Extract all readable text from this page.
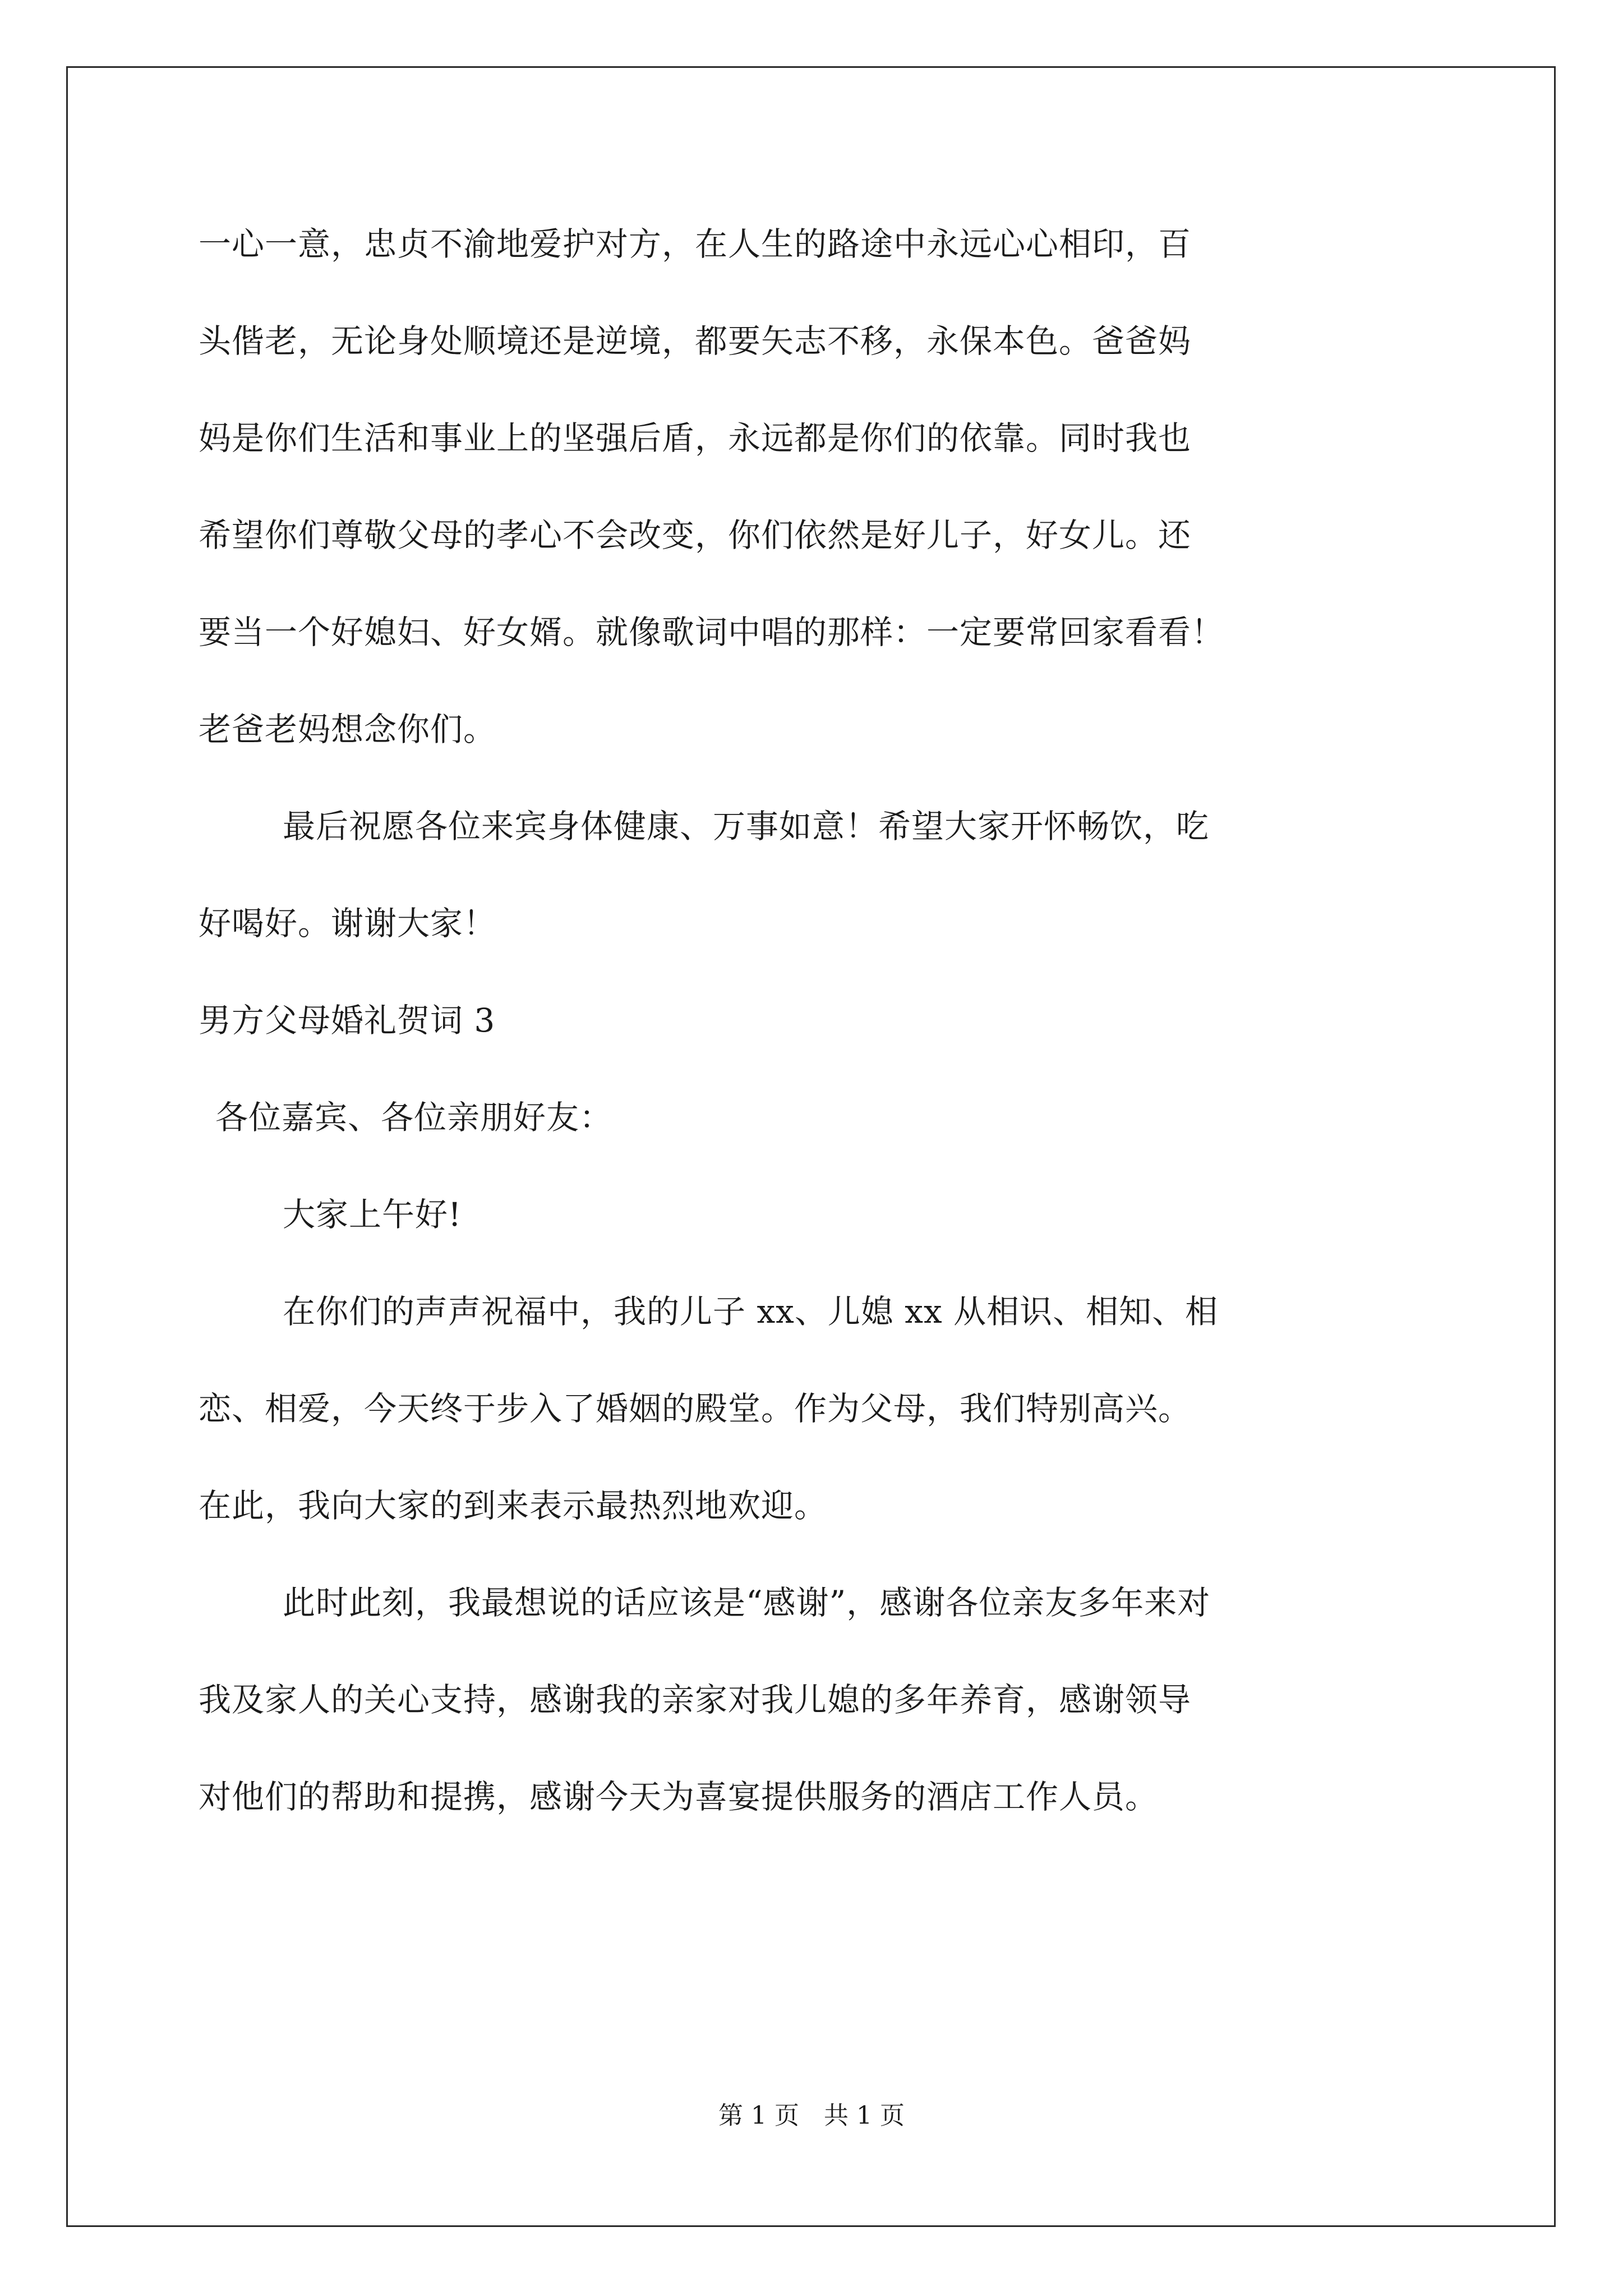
一心一意，忠贞不渝地爱护对方，在人生的路途中永远心心相印，百
头偕老，无论身处顺境还是逆境，都要矢志不移，永保本色。爸爸妈
妈是你们生活和事业上的坚强后盾，永远都是你们的依靠。同时我也
希望你们尊敬父母的孝心不会改变，你们依然是好儿子，好女儿。还
要当一个好媳妇、好女婿。就像歌词中唱的那样：一定要常回家看看！
老爸老妈想念你们。
最后祝愿各位来宾身体健康、万事如意！希望大家开怀畅饮，吃
好喝好。谢谢大家！
男方父母婚礼贺词 3
各位嘉宾、各位亲朋好友：
大家上午好!
在你们的声声祝福中，我的儿子 xx、儿媳 xx 从相识、相知、相
恋、相爱，今天终于步入了婚姻的殿堂。作为父母，我们特别高兴。
在此，我向大家的到来表示最热烈地欢迎。
此时此刻，我最想说的话应该是“感谢”，感谢各位亲友多年来对
我及家人的关心支持，感谢我的亲家对我儿媳的多年养育，感谢领导
对他们的帮助和提携，感谢今天为喜宴提供服务的酒店工作人员。
第 1 页　共 1 页
